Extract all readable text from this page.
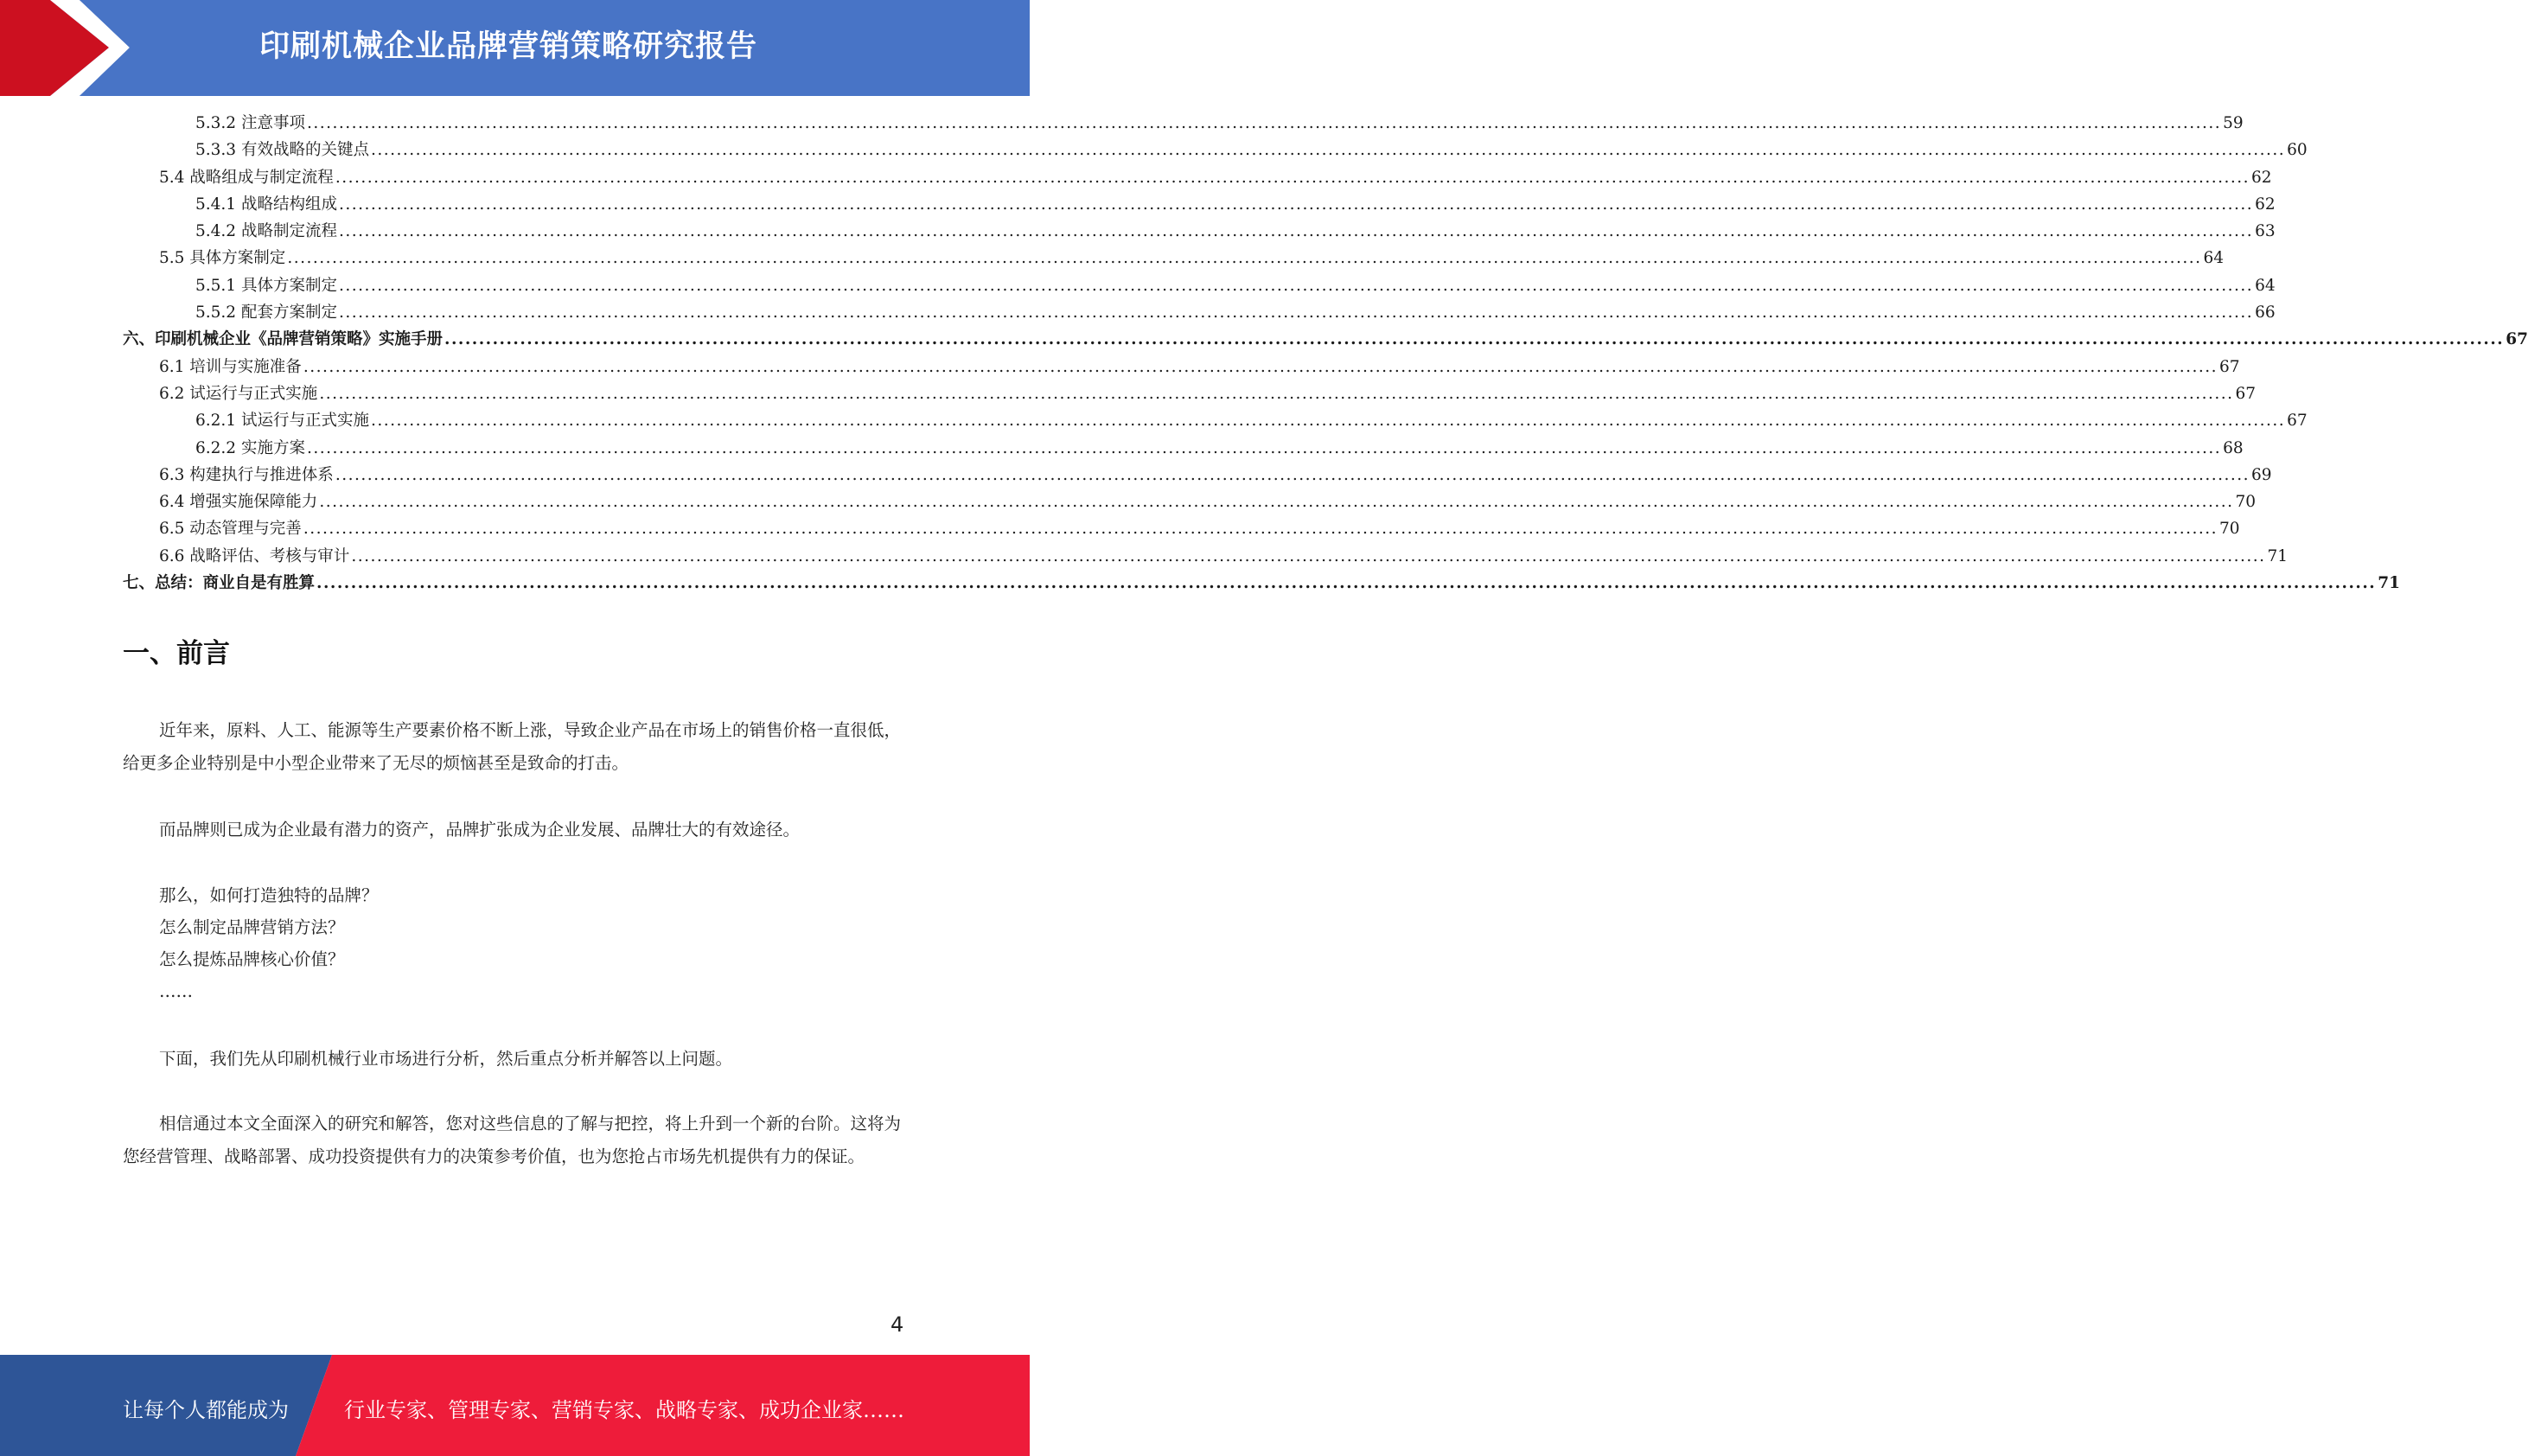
印刷机械企业品牌营销策略研究报告
5.3.2 注意事项 ............................................................................................................................................................................................................................................................................................................ 59
5.3.3 有效战略的关键点 ............................................................................................................................................................................................................................................................................................................ 60
5.4 战略组成与制定流程 ............................................................................................................................................................................................................................................................................................................ 62
5.4.1 战略结构组成 ............................................................................................................................................................................................................................................................................................................ 62
5.4.2 战略制定流程 ............................................................................................................................................................................................................................................................................................................ 63
5.5 具体方案制定 ............................................................................................................................................................................................................................................................................................................ 64
5.5.1 具体方案制定 ............................................................................................................................................................................................................................................................................................................ 64
5.5.2 配套方案制定 ............................................................................................................................................................................................................................................................................................................ 66
六、印刷机械企业《品牌营销策略》实施手册 ............................................................................................................................................................................................................................................................................................................ 67
6.1 培训与实施准备 ............................................................................................................................................................................................................................................................................................................ 67
6.2 试运行与正式实施 ............................................................................................................................................................................................................................................................................................................ 67
6.2.1 试运行与正式实施 ............................................................................................................................................................................................................................................................................................................ 67
6.2.2 实施方案 ............................................................................................................................................................................................................................................................................................................ 68
6.3 构建执行与推进体系 ............................................................................................................................................................................................................................................................................................................ 69
6.4 增强实施保障能力 ............................................................................................................................................................................................................................................................................................................ 70
6.5 动态管理与完善 ............................................................................................................................................................................................................................................................................................................ 70
6.6 战略评估、考核与审计 ............................................................................................................................................................................................................................................................................................................ 71
七、总结：商业自是有胜算 ............................................................................................................................................................................................................................................................................................................ 71
一、前言

近年来，原料、人工、能源等生产要素价格不断上涨，导致企业产品在市场上的销售价格一直很低，给更多企业特别是中小型企业带来了无尽的烦恼甚至是致命的打击。

而品牌则已成为企业最有潜力的资产，品牌扩张成为企业发展、品牌壮大的有效途径。

那么，如何打造独特的品牌？

怎么制定品牌营销方法？

怎么提炼品牌核心价值？

……

下面，我们先从印刷机械行业市场进行分析，然后重点分析并解答以上问题。

相信通过本文全面深入的研究和解答，您对这些信息的了解与把控，将上升到一个新的台阶。这将为您经营管理、战略部署、成功投资提供有力的决策参考价值，也为您抢占市场先机提供有力的保证。

4
让每个人都能成为	行业专家、管理专家、营销专家、战略专家、成功企业家……
